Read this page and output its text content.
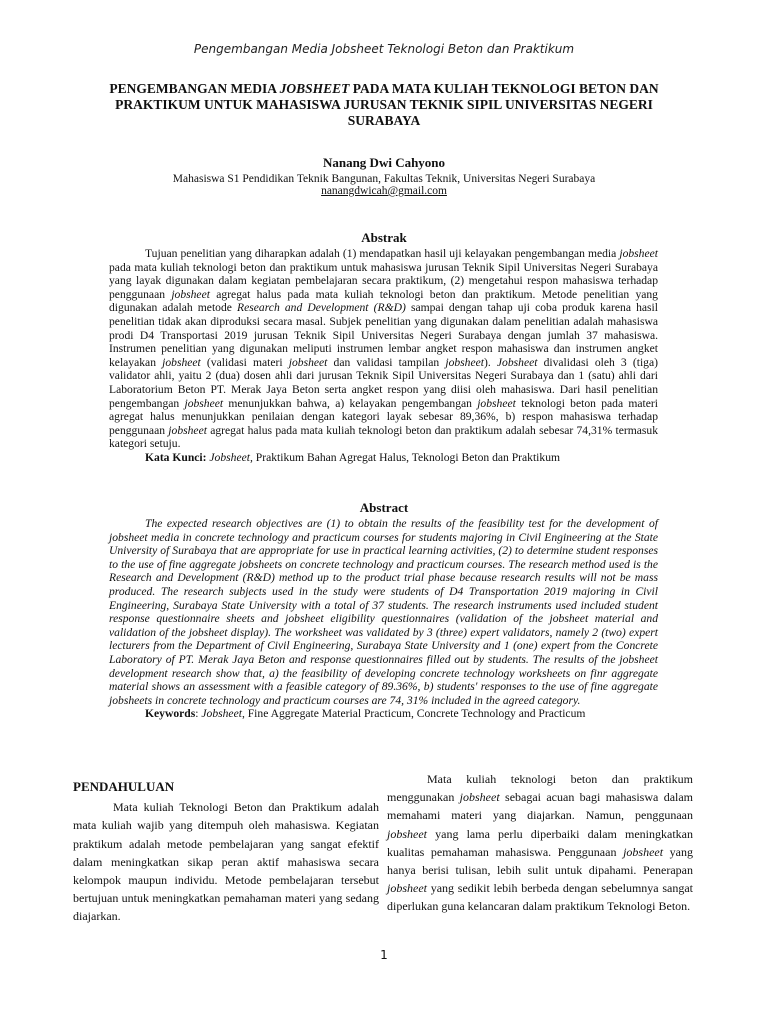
Pengembangan Media Jobsheet Teknologi Beton dan Praktikum
PENGEMBANGAN MEDIA JOBSHEET PADA MATA KULIAH TEKNOLOGI BETON DAN PRAKTIKUM UNTUK MAHASISWA JURUSAN TEKNIK SIPIL UNIVERSITAS NEGERI SURABAYA
Nanang Dwi Cahyono
Mahasiswa S1 Pendidikan Teknik Bangunan, Fakultas Teknik, Universitas Negeri Surabaya
nanangdwicah@gmail.com
Abstrak

Tujuan penelitian yang diharapkan adalah (1) mendapatkan hasil uji kelayakan pengembangan media jobsheet pada mata kuliah teknologi beton dan praktikum untuk mahasiswa jurusan Teknik Sipil Universitas Negeri Surabaya yang layak digunakan dalam kegiatan pembelajaran secara praktikum, (2) mengetahui respon mahasiswa terhadap penggunaan jobsheet agregat halus pada mata kuliah teknologi beton dan praktikum. Metode penelitian yang digunakan adalah metode Research and Development (R&D) sampai dengan tahap uji coba produk karena hasil penelitian tidak akan diproduksi secara masal. Subjek penelitian yang digunakan dalam penelitian adalah mahasiswa prodi D4 Transportasi 2019 jurusan Teknik Sipil Universitas Negeri Surabaya dengan jumlah 37 mahasiswa. Instrumen penelitian yang digunakan meliputi instrumen lembar angket respon mahasiswa dan instrumen angket kelayakan jobsheet (validasi materi jobsheet dan validasi tampilan jobsheet). Jobsheet divalidasi oleh 3 (tiga) validator ahli, yaitu 2 (dua) dosen ahli dari jurusan Teknik Sipil Universitas Negeri Surabaya dan 1 (satu) ahli dari Laboratorium Beton PT. Merak Jaya Beton serta angket respon yang diisi oleh mahasiswa. Dari hasil penelitian pengembangan jobsheet menunjukkan bahwa, a) kelayakan pengembangan jobsheet teknologi beton pada materi agregat halus menunjukkan penilaian dengan kategori layak sebesar 89,36%, b) respon mahasiswa terhadap penggunaan jobsheet agregat halus pada mata kuliah teknologi beton dan praktikum adalah sebesar 74,31% termasuk kategori setuju.

Kata Kunci: Jobsheet, Praktikum Bahan Agregat Halus, Teknologi Beton dan Praktikum

Abstract

The expected research objectives are (1) to obtain the results of the feasibility test for the development of jobsheet media in concrete technology and practicum courses for students majoring in Civil Engineering at the State University of Surabaya that are appropriate for use in practical learning activities, (2) to determine student responses to the use of fine aggregate jobsheets on concrete technology and practicum courses. The research method used is the Research and Development (R&D) method up to the product trial phase because research results will not be mass produced. The research subjects used in the study were students of D4 Transportation 2019 majoring in Civil Engineering, Surabaya State University with a total of 37 students. The research instruments used included student response questionnaire sheets and jobsheet eligibility questionnaires (validation of the jobsheet material and validation of the jobsheet display). The worksheet was validated by 3 (three) expert validators, namely 2 (two) expert lecturers from the Department of Civil Engineering, Surabaya State University and 1 (one) expert from the Concrete Laboratory of PT. Merak Jaya Beton and response questionnaires filled out by students. The results of the jobsheet development research show that, a) the feasibility of developing concrete technology worksheets on finr aggregate material shows an assessment with a feasible category of 89.36%, b) students' responses to the use of fine aggregate jobsheets in concrete technology and practicum courses are 74, 31% included in the agreed category.

Keywords: Jobsheet, Fine Aggregate Material Practicum, Concrete Technology and Practicum

PENDAHULUAN

Mata kuliah Teknologi Beton dan Praktikum adalah mata kuliah wajib yang ditempuh oleh mahasiswa. Kegiatan praktikum adalah metode pembelajaran yang sangat efektif dalam meningkatkan sikap peran aktif mahasiswa secara kelompok maupun individu. Metode pembelajaran tersebut bertujuan untuk meningkatkan pemahaman materi yang sedang diajarkan.

Mata kuliah teknologi beton dan praktikum menggunakan jobsheet sebagai acuan bagi mahasiswa dalam memahami materi yang diajarkan. Namun, penggunaan jobsheet yang lama perlu diperbaiki dalam meningkatkan kualitas pemahaman mahasiswa. Penggunaan jobsheet yang hanya berisi tulisan, lebih sulit untuk dipahami. Penerapan jobsheet yang sedikit lebih berbeda dengan sebelumnya sangat diperlukan guna kelancaran dalam praktikum Teknologi Beton.

1
